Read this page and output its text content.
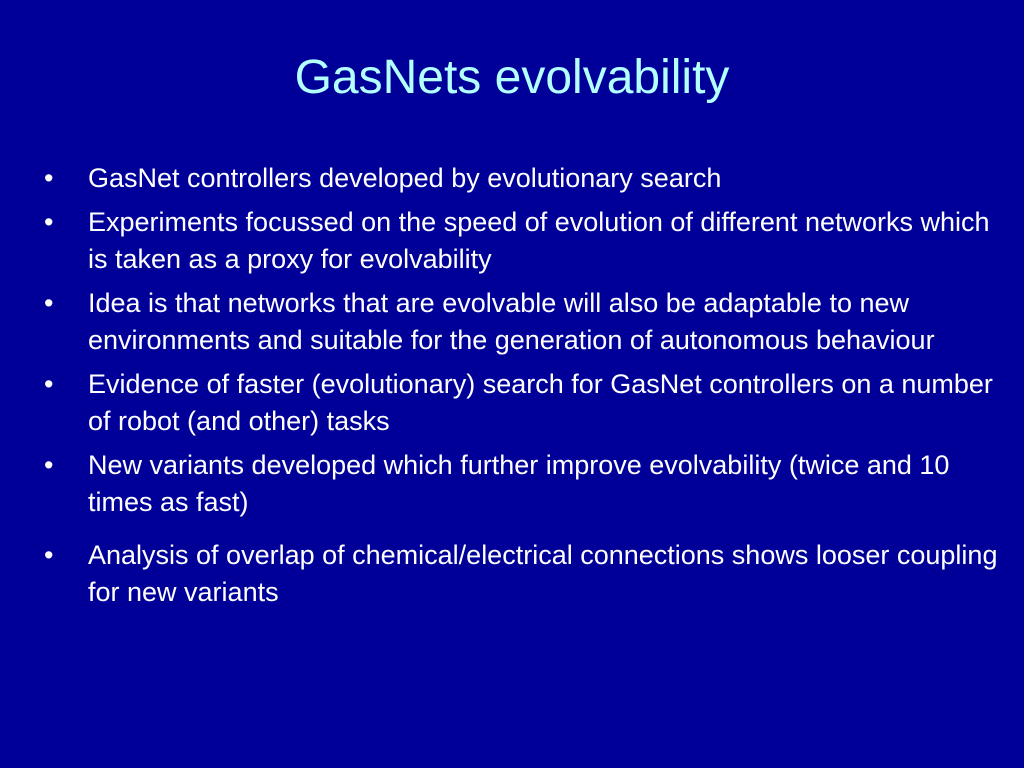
GasNets evolvability
•	GasNet controllers developed by evolutionary search
•	Experiments focussed on the speed of evolution of different networks which is taken as a proxy for evolvability
•	Idea is that networks that are evolvable will also be adaptable to new environments and suitable for the generation of autonomous behaviour
•	Evidence of faster (evolutionary) search for GasNet controllers on a number of robot (and other) tasks
•	New variants developed which further improve evolvability (twice and 10 times as fast)
•	Analysis of overlap of chemical/electrical connections shows looser coupling for new variants
